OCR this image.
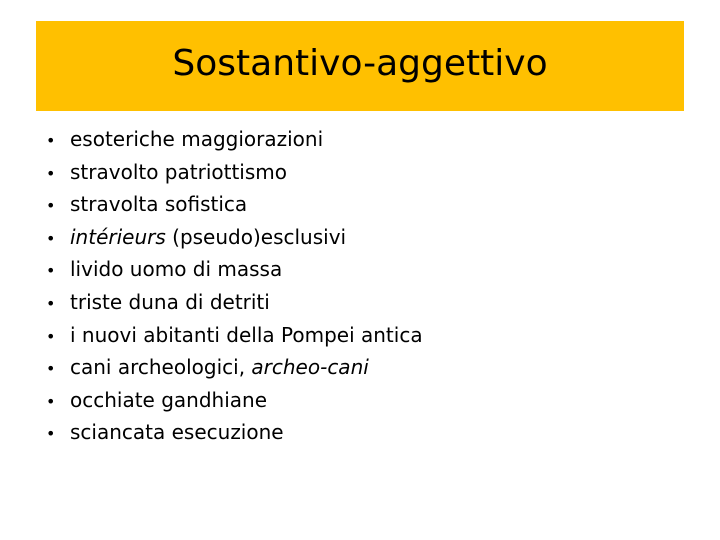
Sostantivo-aggettivo
• esoteriche maggiorazioni
• stravolto patriottismo
• stravolta sofistica
• intérieurs (pseudo)esclusivi
• livido uomo di massa
• triste duna di detriti
• i nuovi abitanti della Pompei antica
• cani archeologici, archeo-cani
• occhiate gandhiane
• sciancata esecuzione
